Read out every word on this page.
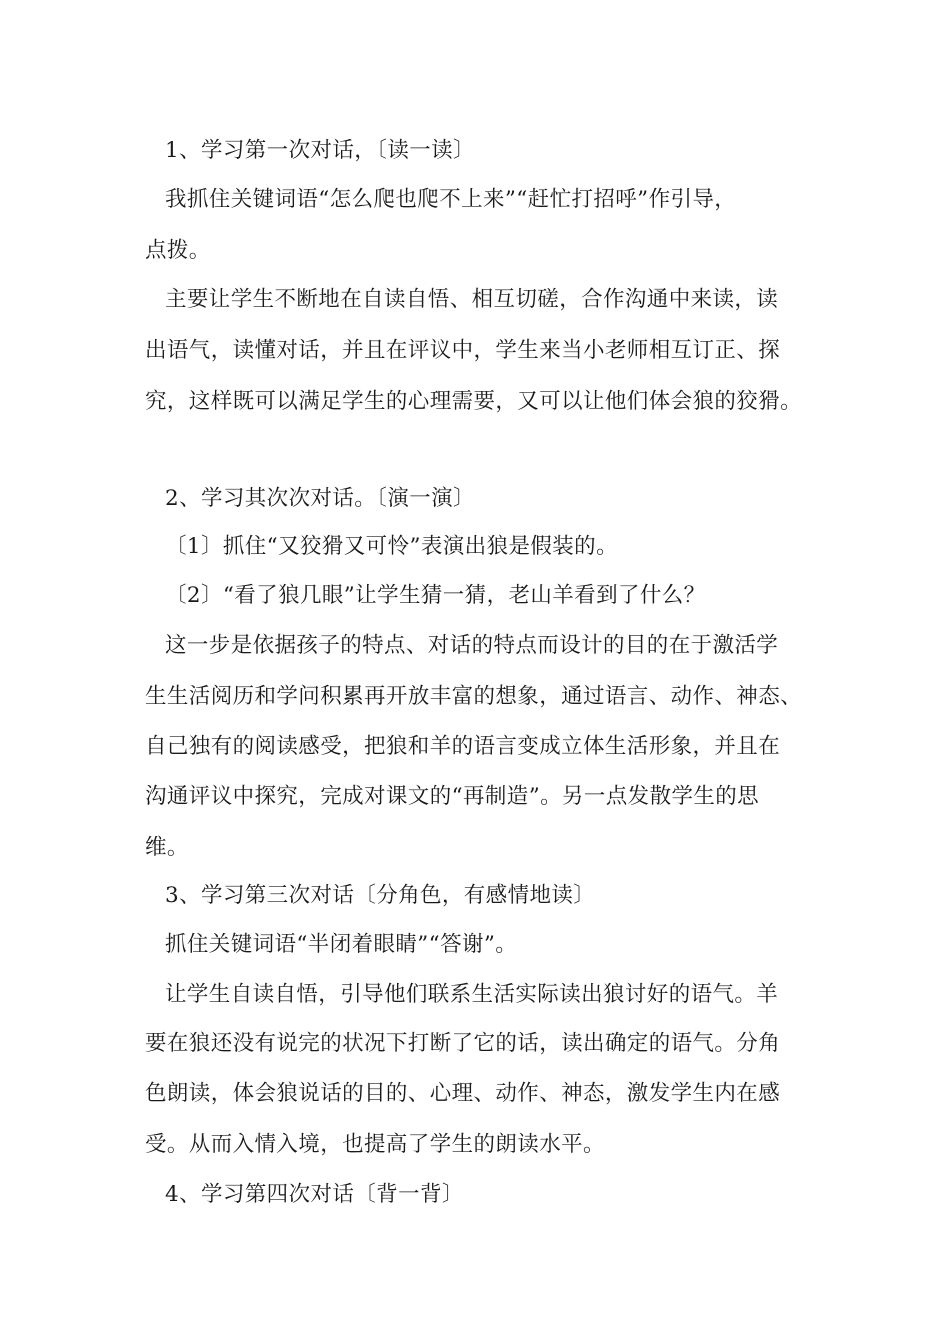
1、学习第一次对话，〔读一读〕
我抓住关键词语“怎么爬也爬不上来”“赶忙打招呼”作引导，
点拨。
主要让学生不断地在自读自悟、相互切磋，合作沟通中来读，读
出语气，读懂对话，并且在评议中，学生来当小老师相互订正、探
究，这样既可以满足学生的心理需要，又可以让他们体会狼的狡猾。
2、学习其次次对话。〔演一演〕
〔1〕抓住“又狡猾又可怜”表演出狼是假装的。
〔2〕“看了狼几眼”让学生猜一猜，老山羊看到了什么？
这一步是依据孩子的特点、对话的特点而设计的目的在于激活学
生生活阅历和学问积累再开放丰富的想象，通过语言、动作、神态、
自己独有的阅读感受，把狼和羊的语言变成立体生活形象，并且在
沟通评议中探究，完成对课文的“再制造”。另一点发散学生的思
维。
3、学习第三次对话〔分角色，有感情地读〕
抓住关键词语“半闭着眼睛”“答谢”。
让学生自读自悟，引导他们联系生活实际读出狼讨好的语气。羊
要在狼还没有说完的状况下打断了它的话，读出确定的语气。分角
色朗读，体会狼说话的目的、心理、动作、神态，激发学生内在感
受。从而入情入境，也提高了学生的朗读水平。
4、学习第四次对话〔背一背〕
